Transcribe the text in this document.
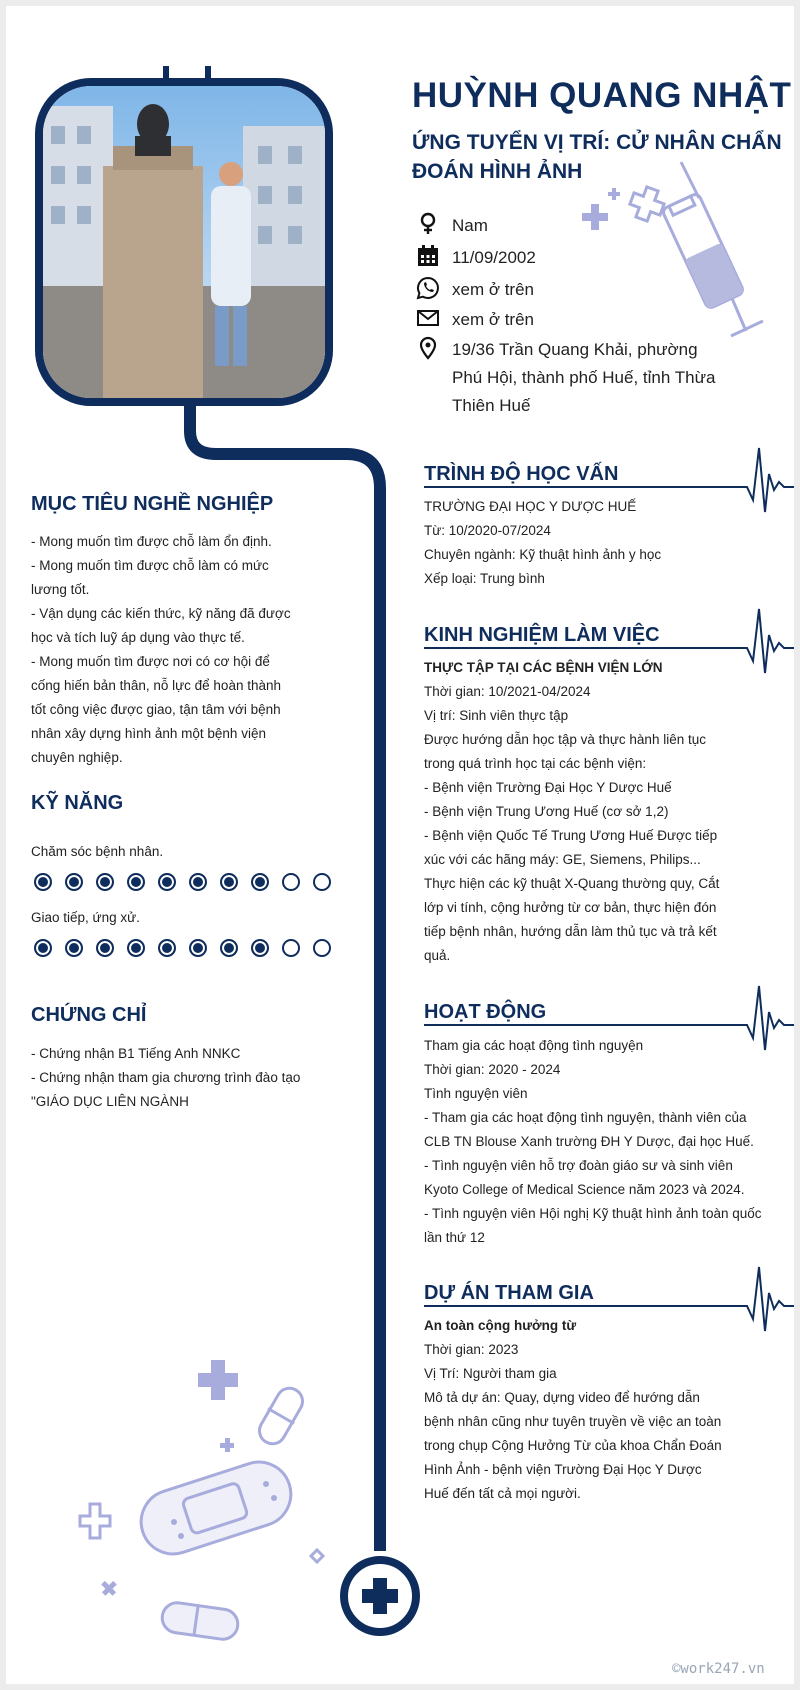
HUỲNH QUANG NHẬT
ỨNG TUYỂN VỊ TRÍ: CỬ NHÂN CHẨN ĐOÁN HÌNH ẢNH
Nam
11/09/2002
xem ở trên
xem ở trên
19/36 Trần Quang Khải, phường Phú Hội, thành phố Huế, tỉnh Thừa Thiên Huế
MỤC TIÊU NGHỀ NGHIỆP
- Mong muốn tìm được chỗ làm ổn định.
- Mong muốn tìm được chỗ làm có mức
lương tốt.
- Vận dụng các kiến thức, kỹ năng đã được
học và tích luỹ áp dụng vào thực tế.
- Mong muốn tìm được nơi có cơ hội để
cống hiến bản thân, nỗ lực để hoàn thành
tốt công việc được giao, tận tâm với bệnh
nhân xây dựng hình ảnh một bệnh viện
chuyên nghiệp.
KỸ NĂNG
Chăm sóc bệnh nhân.
Giao tiếp, ứng xử.
CHỨNG CHỈ
- Chứng nhận B1 Tiếng Anh NNKC
- Chứng nhận tham gia chương trình đào tạo
"GIÁO DỤC LIÊN NGÀNH
TRÌNH ĐỘ HỌC VẤN
TRƯỜNG ĐẠI HỌC Y DƯỢC HUẾ
Từ: 10/2020-07/2024
Chuyên ngành: Kỹ thuật hình ảnh y học
Xếp loại: Trung bình
KINH NGHIỆM LÀM VIỆC
THỰC TẬP TẠI CÁC BỆNH VIỆN LỚN
Thời gian: 10/2021-04/2024
Vị trí: Sinh viên thực tập
Được hướng dẫn học tập và thực hành liên tục
trong quá trình học tại các bệnh viện:
- Bệnh viện Trường Đại Học Y Dược Huế
- Bệnh viện Trung Ương Huế (cơ sở 1,2)
- Bệnh viện Quốc Tế Trung Ương Huế Được tiếp
xúc với các hãng máy: GE, Siemens, Philips...
Thực hiện các kỹ thuật X-Quang thường quy, Cắt
lớp vi tính, cộng hưởng từ cơ bản, thực hiện đón
tiếp bệnh nhân, hướng dẫn làm thủ tục và trả kết
quả.
HOẠT ĐỘNG
Tham gia các hoạt động tình nguyện
Thời gian: 2020 - 2024
Tình nguyện viên
- Tham gia các hoạt động tình nguyện, thành viên của
CLB TN Blouse Xanh trường ĐH Y Dược, đại học Huế.
- Tình nguyện viên hỗ trợ đoàn giáo sư và sinh viên
Kyoto College of Medical Science năm 2023 và 2024.
- Tình nguyện viên Hội nghị Kỹ thuật hình ảnh toàn quốc
lần thứ 12
DỰ ÁN THAM GIA
An toàn cộng hưởng từ
Thời gian: 2023
Vị Trí: Người tham gia
Mô tả dự án: Quay, dựng video để hướng dẫn
bệnh nhân cũng như tuyên truyền về việc an toàn
trong chụp Cộng Hưởng Từ của khoa Chẩn Đoán
Hình Ảnh - bệnh viện Trường Đại Học Y Dược
Huế đến tất cả mọi người.
©work247.vn
